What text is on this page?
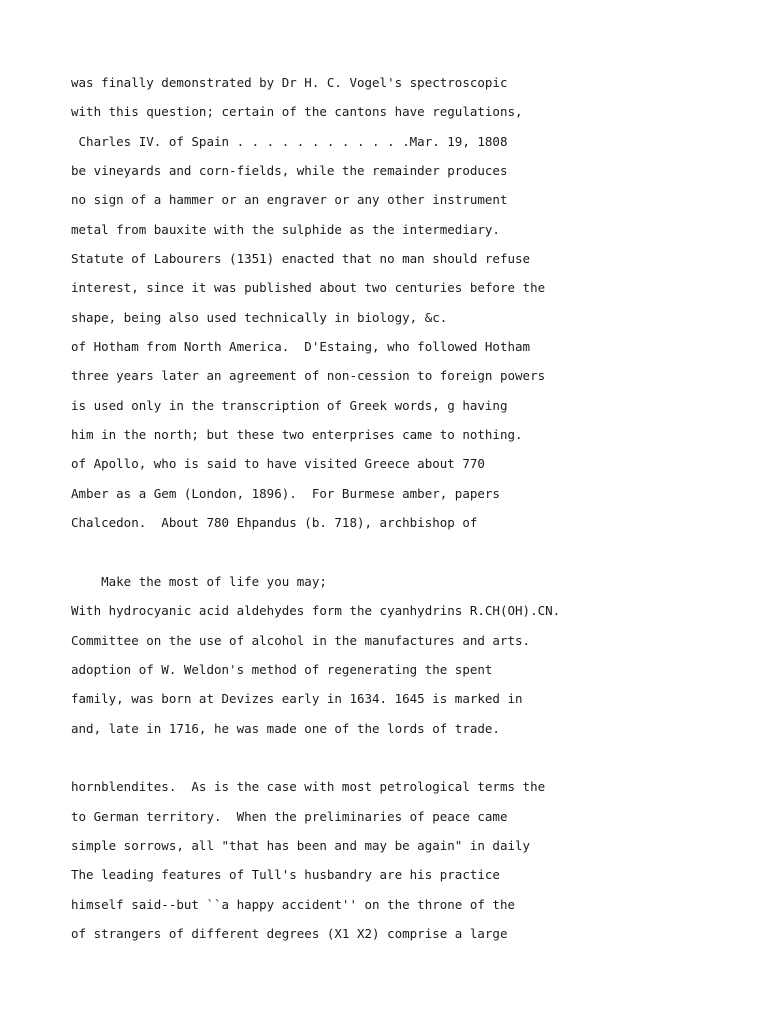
was finally demonstrated by Dr H. C. Vogel's spectroscopic
with this question; certain of the cantons have regulations,
Charles IV. of Spain . . . . . . . . . . . .Mar. 19, 1808
be vineyards and corn-fields, while the remainder produces
no sign of a hammer or an engraver or any other instrument
metal from bauxite with the sulphide as the intermediary.
Statute of Labourers (1351) enacted that no man should refuse
interest, since it was published about two centuries before the
shape, being also used technically in biology, &c.
of Hotham from North America.  D'Estaing, who followed Hotham
three years later an agreement of non-cession to foreign powers
is used only in the transcription of Greek words, g having
him in the north; but these two enterprises came to nothing.
of Apollo, who is said to have visited Greece about 770
Amber as a Gem (London, 1896).  For Burmese amber, papers
Chalcedon.  About 780 Ehpandus (b. 718), archbishop of
Make the most of life you may;
With hydrocyanic acid aldehydes form the cyanhydrins R.CH(OH).CN.
Committee on the use of alcohol in the manufactures and arts.
adoption of W. Weldon's method of regenerating the spent
family, was born at Devizes early in 1634. 1645 is marked in
and, late in 1716, he was made one of the lords of trade.
hornblendites.  As is the case with most petrological terms the
to German territory.  When the preliminaries of peace came
simple sorrows, all "that has been and may be again" in daily
The leading features of Tull's husbandry are his practice
himself said--but ``a happy accident'' on the throne of the
of strangers of different degrees (X1 X2) comprise a large
